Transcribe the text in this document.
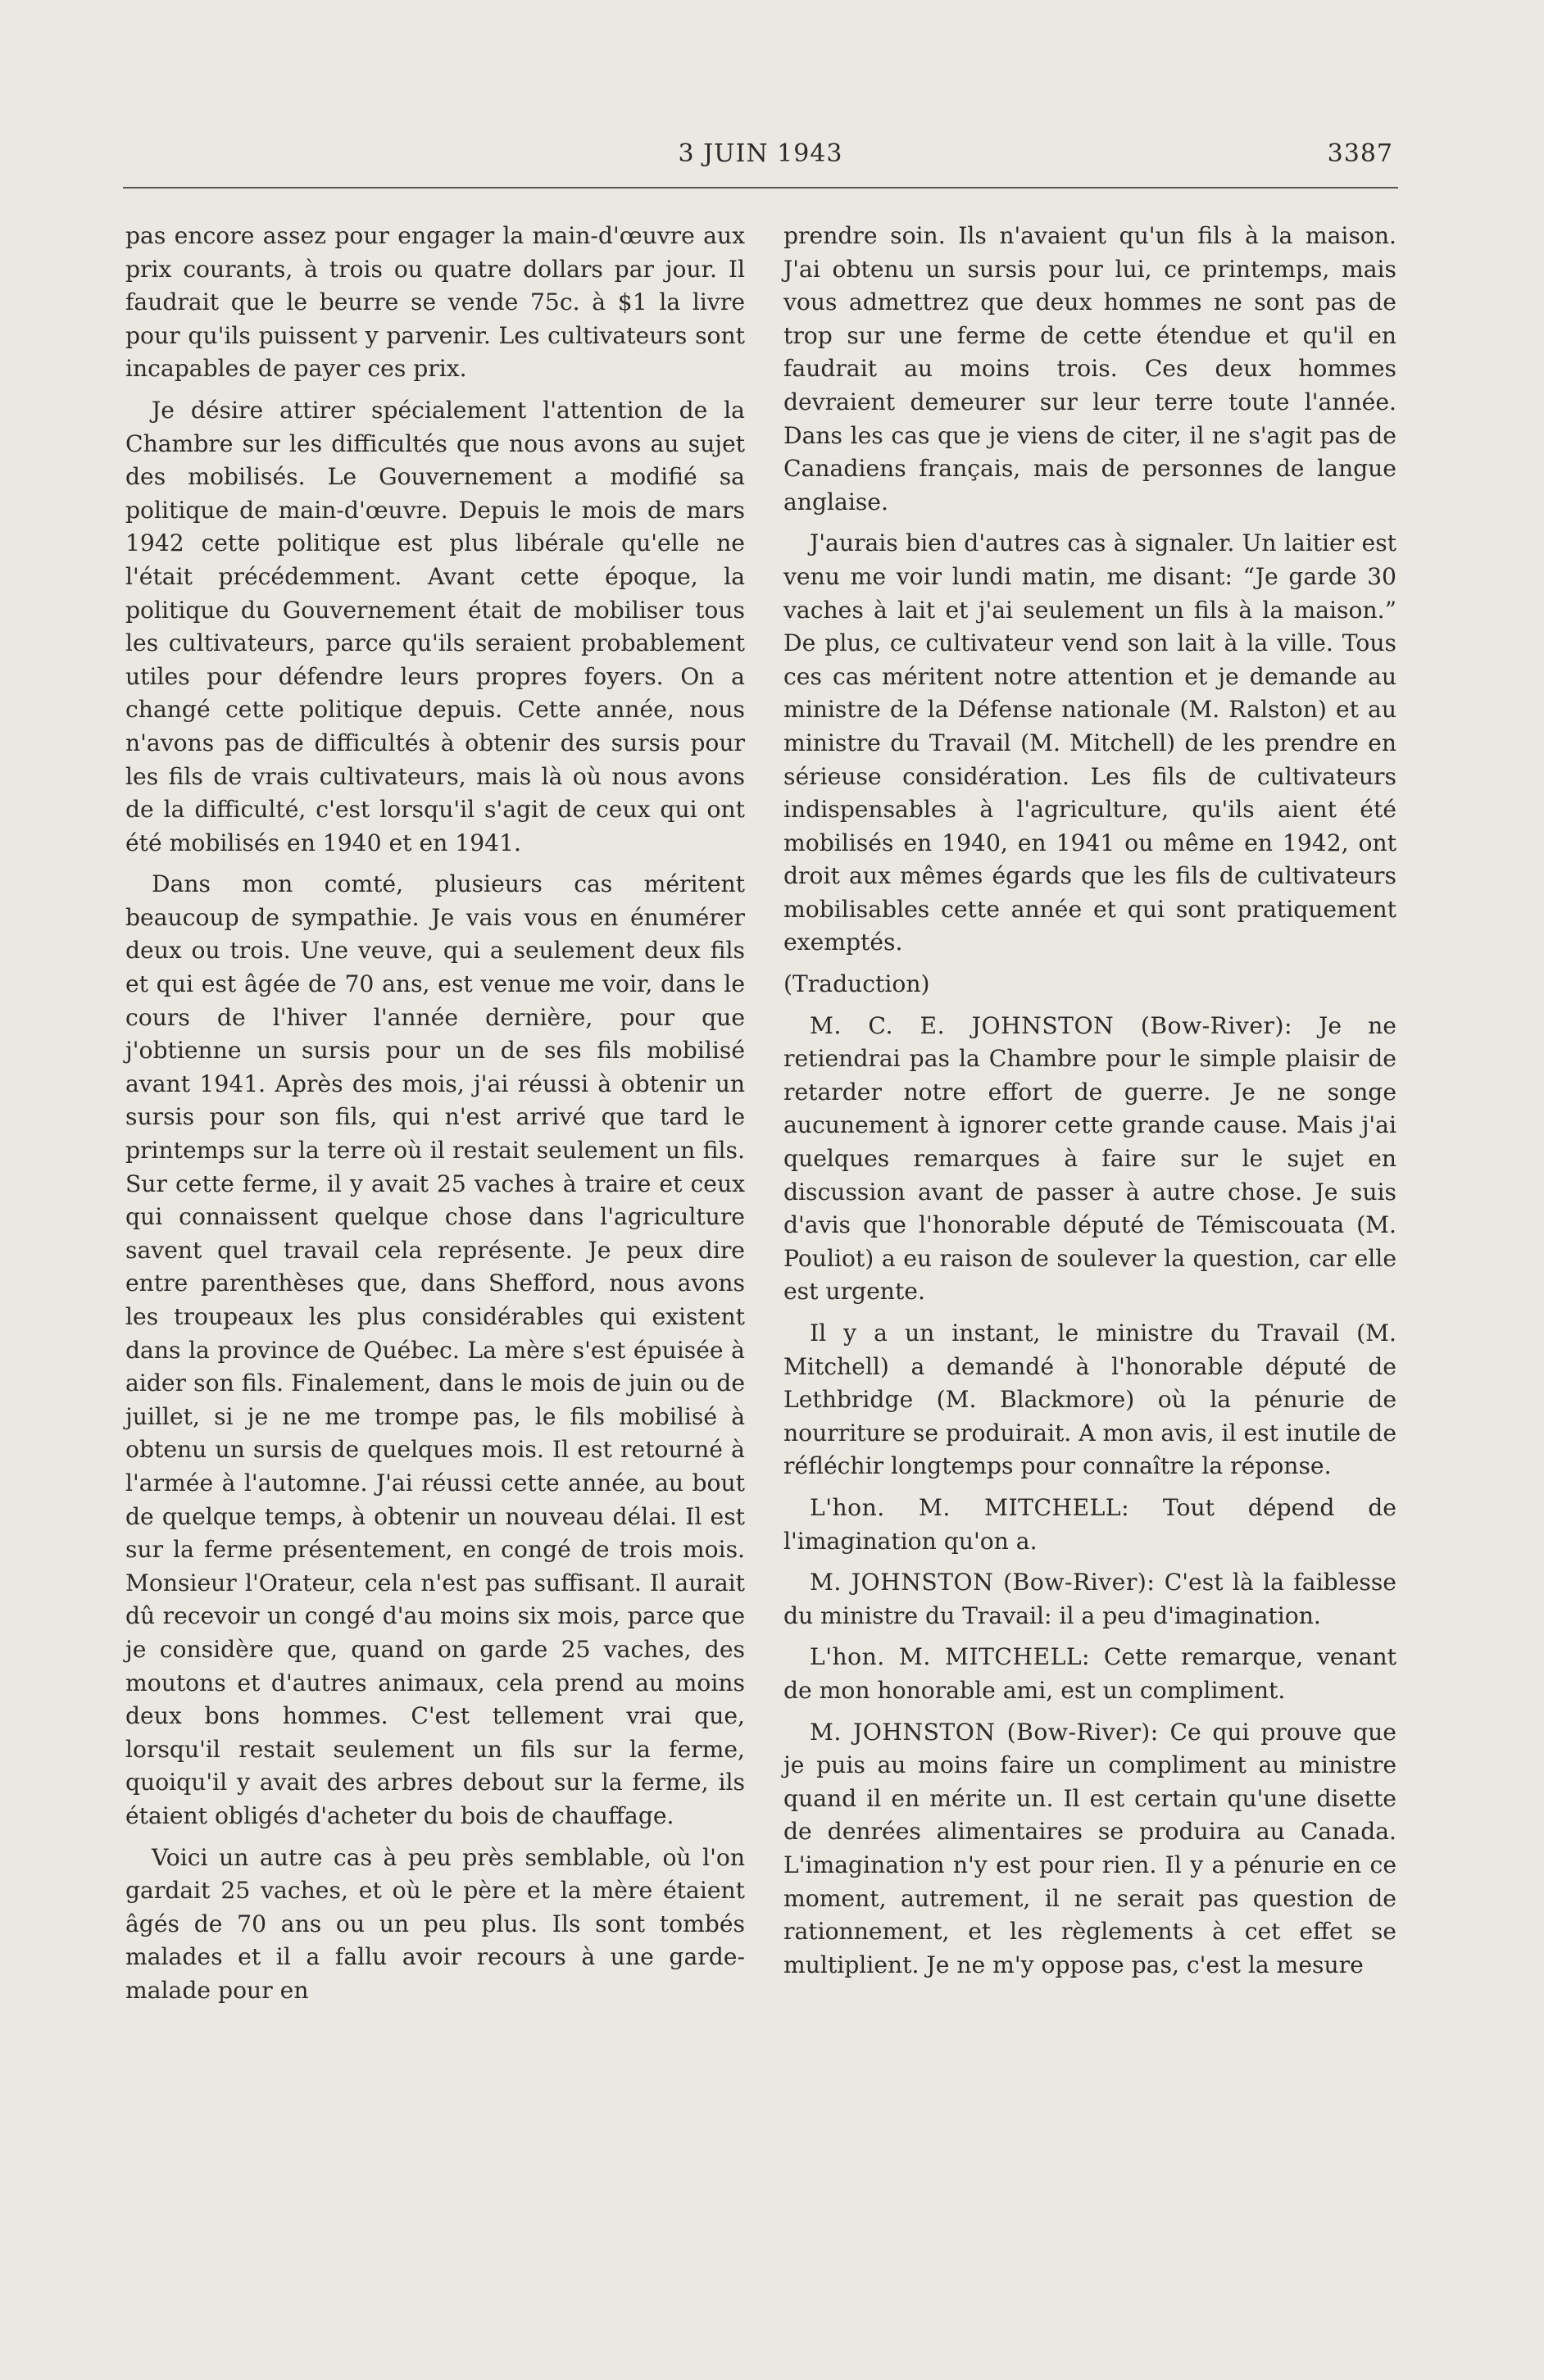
3 JUIN 1943	3387

pas encore assez pour engager la main-d'œuvre aux prix courants, à trois ou quatre dollars par jour. Il faudrait que le beurre se vende 75c. à $1 la livre pour qu'ils puissent y parvenir. Les cultivateurs sont incapables de payer ces prix.

Je désire attirer spécialement l'attention de la Chambre sur les difficultés que nous avons au sujet des mobilisés. Le Gouvernement a modifié sa politique de main-d'œuvre. Depuis le mois de mars 1942 cette politique est plus libérale qu'elle ne l'était précédemment. Avant cette époque, la politique du Gouvernement était de mobiliser tous les cultivateurs, parce qu'ils seraient probablement utiles pour défendre leurs propres foyers. On a changé cette politique depuis. Cette année, nous n'avons pas de difficultés à obtenir des sursis pour les fils de vrais cultivateurs, mais là où nous avons de la difficulté, c'est lorsqu'il s'agit de ceux qui ont été mobilisés en 1940 et en 1941.

Dans mon comté, plusieurs cas méritent beaucoup de sympathie. Je vais vous en énumérer deux ou trois. Une veuve, qui a seulement deux fils et qui est âgée de 70 ans, est venue me voir, dans le cours de l'hiver l'année dernière, pour que j'obtienne un sursis pour un de ses fils mobilisé avant 1941. Après des mois, j'ai réussi à obtenir un sursis pour son fils, qui n'est arrivé que tard le printemps sur la terre où il restait seulement un fils. Sur cette ferme, il y avait 25 vaches à traire et ceux qui connaissent quelque chose dans l'agriculture savent quel travail cela représente. Je peux dire entre parenthèses que, dans Shefford, nous avons les troupeaux les plus considérables qui existent dans la province de Québec. La mère s'est épuisée à aider son fils. Finalement, dans le mois de juin ou de juillet, si je ne me trompe pas, le fils mobilisé à obtenu un sursis de quelques mois. Il est retourné à l'armée à l'automne. J'ai réussi cette année, au bout de quelque temps, à obtenir un nouveau délai. Il est sur la ferme présentement, en congé de trois mois. Monsieur l'Orateur, cela n'est pas suffisant. Il aurait dû recevoir un congé d'au moins six mois, parce que je considère que, quand on garde 25 vaches, des moutons et d'autres animaux, cela prend au moins deux bons hommes. C'est tellement vrai que, lorsqu'il restait seulement un fils sur la ferme, quoiqu'il y avait des arbres debout sur la ferme, ils étaient obligés d'acheter du bois de chauffage.

Voici un autre cas à peu près semblable, où l'on gardait 25 vaches, et où le père et la mère étaient âgés de 70 ans ou un peu plus. Ils sont tombés malades et il a fallu avoir recours à une garde-malade pour en

prendre soin. Ils n'avaient qu'un fils à la maison. J'ai obtenu un sursis pour lui, ce printemps, mais vous admettrez que deux hommes ne sont pas de trop sur une ferme de cette étendue et qu'il en faudrait au moins trois. Ces deux hommes devraient demeurer sur leur terre toute l'année. Dans les cas que je viens de citer, il ne s'agit pas de Canadiens français, mais de personnes de langue anglaise.

J'aurais bien d'autres cas à signaler. Un laitier est venu me voir lundi matin, me disant: “Je garde 30 vaches à lait et j'ai seulement un fils à la maison.” De plus, ce cultivateur vend son lait à la ville. Tous ces cas méritent notre attention et je demande au ministre de la Défense nationale (M. Ralston) et au ministre du Travail (M. Mitchell) de les prendre en sérieuse considération. Les fils de cultivateurs indispensables à l'agriculture, qu'ils aient été mobilisés en 1940, en 1941 ou même en 1942, ont droit aux mêmes égards que les fils de cultivateurs mobilisables cette année et qui sont pratiquement exemptés.

(Traduction)

M. C. E. JOHNSTON (Bow-River): Je ne retiendrai pas la Chambre pour le simple plaisir de retarder notre effort de guerre. Je ne songe aucunement à ignorer cette grande cause. Mais j'ai quelques remarques à faire sur le sujet en discussion avant de passer à autre chose. Je suis d'avis que l'honorable député de Témiscouata (M. Pouliot) a eu raison de soulever la question, car elle est urgente.

Il y a un instant, le ministre du Travail (M. Mitchell) a demandé à l'honorable député de Lethbridge (M. Blackmore) où la pénurie de nourriture se produirait. A mon avis, il est inutile de réfléchir longtemps pour connaître la réponse.

L'hon. M. MITCHELL: Tout dépend de l'imagination qu'on a.

M. JOHNSTON (Bow-River): C'est là la faiblesse du ministre du Travail: il a peu d'imagination.

L'hon. M. MITCHELL: Cette remarque, venant de mon honorable ami, est un compliment.

M. JOHNSTON (Bow-River): Ce qui prouve que je puis au moins faire un compliment au ministre quand il en mérite un. Il est certain qu'une disette de denrées alimentaires se produira au Canada. L'imagination n'y est pour rien. Il y a pénurie en ce moment, autrement, il ne serait pas question de rationnement, et les règlements à cet effet se multiplient. Je ne m'y oppose pas, c'est la mesure
